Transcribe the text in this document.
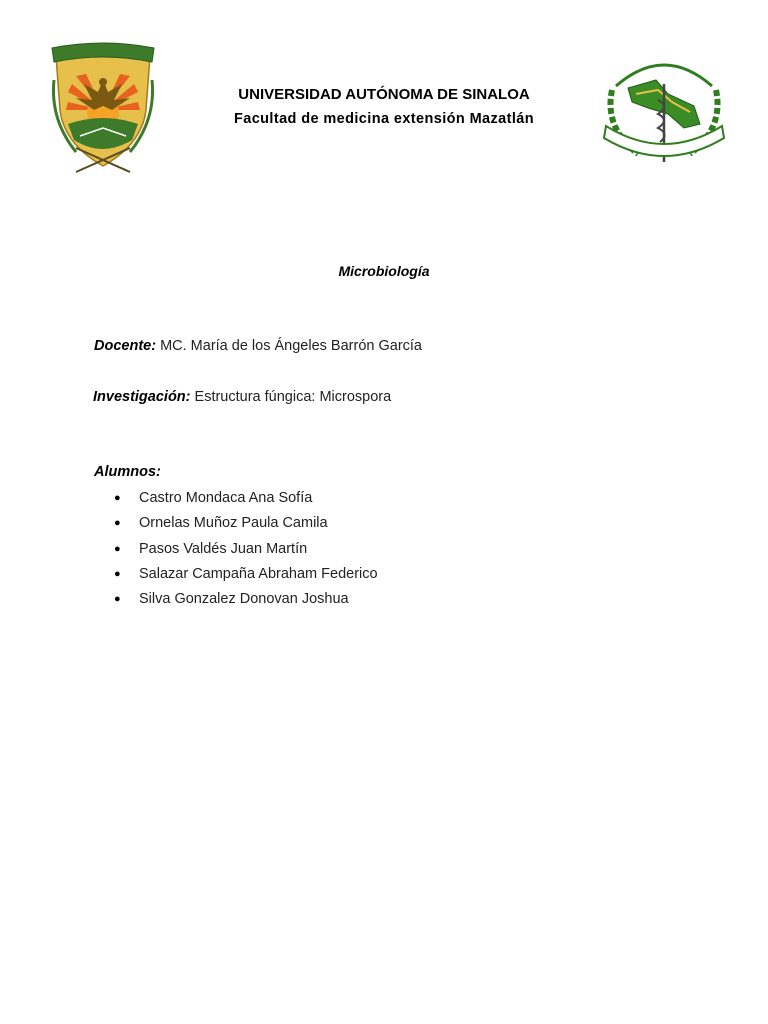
UNIVERSIDAD AUTÓNOMA DE SINALOA
Facultad de medicina extensión Mazatlán
Microbiología
Docente: MC. María de los Ángeles Barrón García
Investigación: Estructura fúngica: Microspora
Alumnos:
● Castro Mondaca Ana Sofía
● Ornelas Muñoz Paula Camila
● Pasos Valdés Juan Martín
● Salazar Campaña Abraham Federico
● Silva Gonzalez Donovan Joshua
